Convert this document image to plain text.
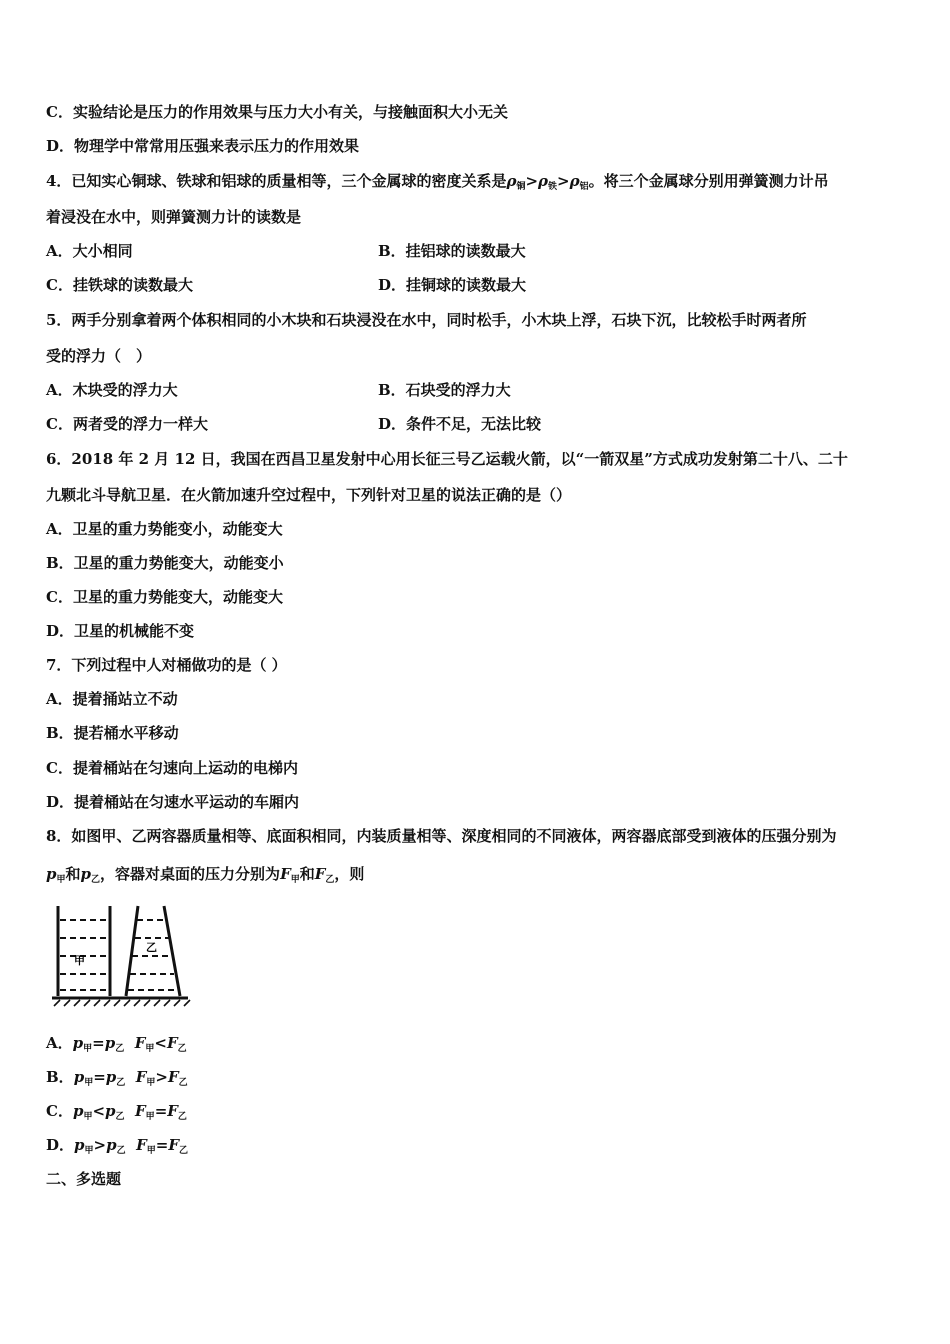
C．实验结论是压力的作用效果与压力大小有关，与接触面积大小无关
D．物理学中常常用压强来表示压力的作用效果
4．已知实心铜球、铁球和铝球的质量相等，三个金属球的密度关系是$\rho_铜>\rho_铁>\rho_铝$。将三个金属球分别用弹簧测力计吊
着浸没在水中，则弹簧测力计的读数是
A．大小相同	B．挂铝球的读数最大
C．挂铁球的读数最大	D．挂铜球的读数最大
5．两手分别拿着两个体积相同的小木块和石块浸没在水中，同时松手，小木块上浮，石块下沉，比较松手时两者所
受的浮力（　）
A．木块受的浮力大	B．石块受的浮力大
C．两者受的浮力一样大	D．条件不足，无法比较
6．2018 年 2 月 12 日，我国在西昌卫星发射中心用长征三号乙运载火箭，以“一箭双星”方式成功发射第二十八、二十
九颗北斗导航卫星．在火箭加速升空过程中，下列针对卫星的说法正确的是（）
A．卫星的重力势能变小，动能变大
B．卫星的重力势能变大，动能变小
C．卫星的重力势能变大，动能变大
D．卫星的机械能不变
7．下列过程中人对桶做功的是（ ）
A．提着捅站立不动
B．提若桶水平移动
C．提着桶站在匀速向上运动的电梯内
D．提着桶站在匀速水平运动的车厢内
8．如图甲、乙两容器质量相等、底面积相同，内装质量相等、深度相同的不同液体，两容器底部受到液体的压强分别为
$p_甲$和$p_乙$，容器对桌面的压力分别为$F_甲$和$F_乙$，则
甲
乙
A．$p_甲=p_乙$ $F_甲<F_乙$
B．$p_甲=p_乙$ $F_甲>F_乙$
C．$p_甲<p_乙$ $F_甲=F_乙$
D．$p_甲>p_乙$ $F_甲=F_乙$
二、多选题
